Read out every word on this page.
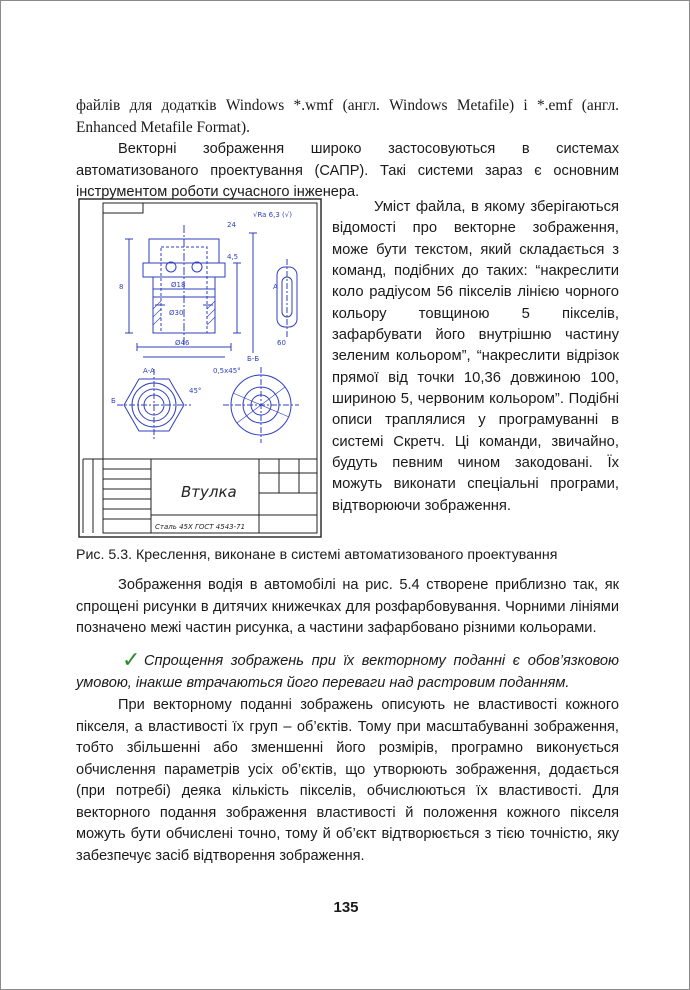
файлів для додатків Windows *.wmf (англ. Windows Metafile) і *.emf (англ. Enhanced Metafile Format).

Векторні зображення широко застосовуються в системах автоматизованого проектування (САПР). Такі системи зараз є основним інструментом роботи сучасного інженера.

√Ra 6,3 (√)
Ø30
Ø18
Ø46
4,5
8	A
Б-Б
A-A
Б
45°
24
60
0,5х45°
Втулка
Сталь 45Х ГОСТ 4543-71

Уміст файла, в якому зберігаються відомості про векторне зображення, може бути текстом, який складається з команд, подібних до таких: “накреслити коло радіусом 56 пікселів лінією чорного кольору товщиною 5 пікселів, зафарбувати його внутрішню частину зеленим кольором”, “накреслити відрізок прямої від точки 10,36 довжиною 100, шириною 5, червоним кольором”. Подібні описи траплялися у програмуванні в системі Скретч. Ці команди, звичайно, будуть певним чином закодовані. Їх можуть виконати спеціальні програми, відтворюючи зображення.

Рис. 5.3. Креслення, виконане в системі автоматизованого проектування

Зображення водія в автомобілі на рис. 5.4 створене приблизно так, як спрощені рисунки в дитячих книжечках для розфарбовування. Чорними лініями позначено межі частин рисунка, а частини зафарбовано різними кольорами.

✓ Спрощення зображень при їх векторному поданні є обов’язковою умовою, інакше втрачаються його переваги над растровим поданням.

При векторному поданні зображень описують не властивості кожного пікселя, а властивості їх груп – об’єктів. Тому при масштабуванні зображення, тобто збільшенні або зменшенні його розмірів, програмно виконується обчислення параметрів усіх об’єктів, що утворюють зображення, додається (при потребі) деяка кількість пікселів, обчислюються їх властивості. Для векторного подання зображення властивості й положення кожного пікселя можуть бути обчислені точно, тому й об’єкт відтворюється з тією точністю, яку забезпечує засіб відтворення зображення.

135
